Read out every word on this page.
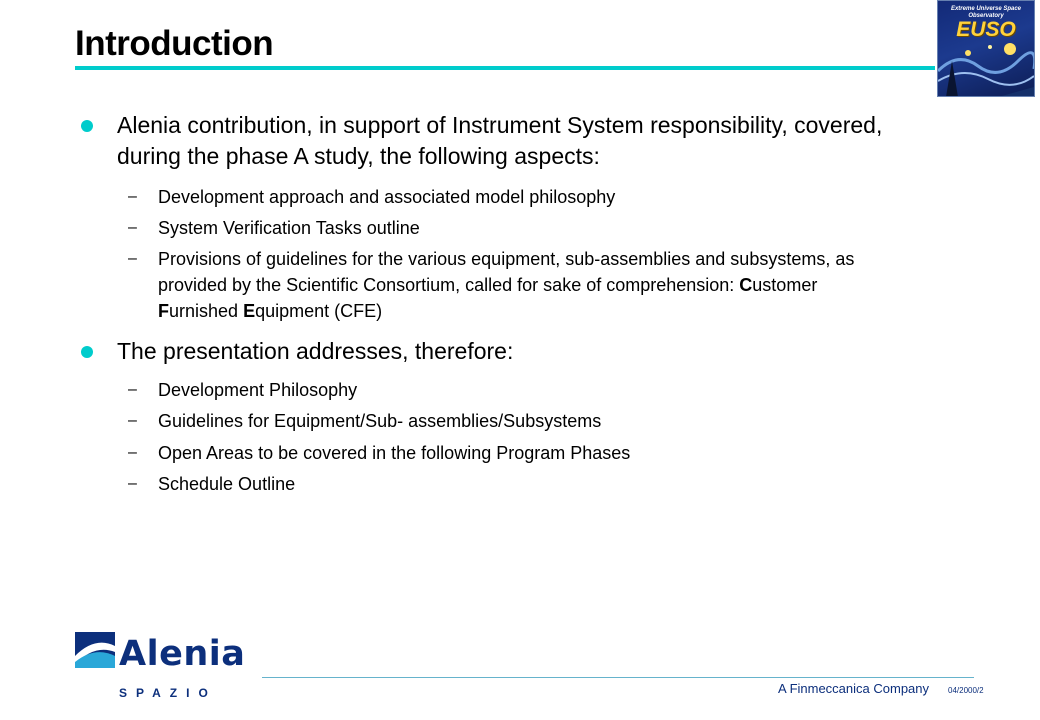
Introduction
Extreme Universe Space Observatory
EUSO
Alenia contribution, in support of Instrument System responsibility, covered, during the phase A study, the following aspects:
– Development approach and associated model philosophy
– System Verification Tasks outline
– Provisions of guidelines for the various equipment, sub-assemblies and subsystems, as provided by the Scientific Consortium, called for sake of comprehension: Customer Furnished Equipment (CFE)
The presentation addresses, therefore:
– Development Philosophy
– Guidelines for Equipment/Sub- assemblies/Subsystems
– Open Areas to be covered in the following Program Phases
– Schedule Outline
Alenia
SPAZIO	A Finmeccanica Company 04/2000/2
